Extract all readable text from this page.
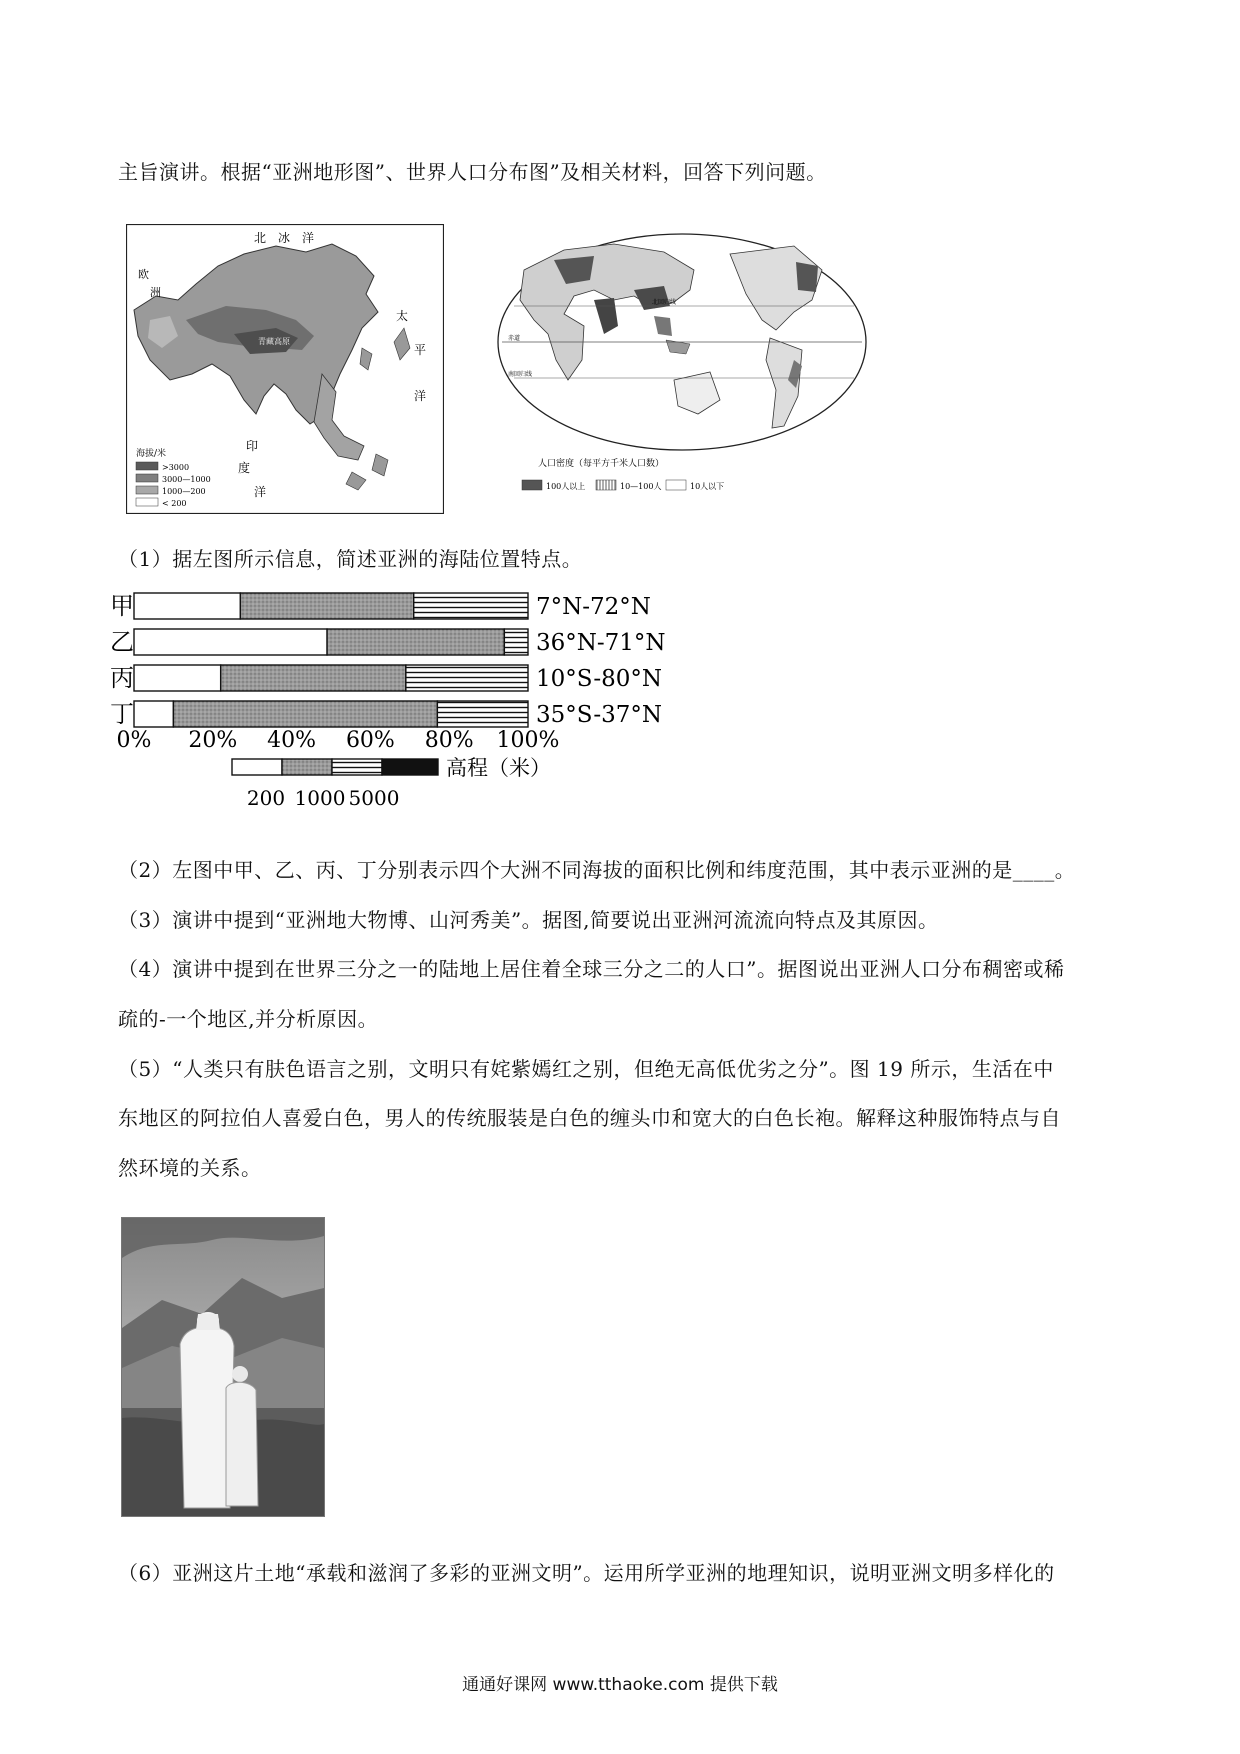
主旨演讲。根据“亚洲地形图”、世界人口分布图”及相关材料，回答下列问题。
北　冰　洋
欧
洲
太
平
洋
印
度
洋
青藏高原
海拔/米
>3000
3000—1000
1000—200
< 200
北回归线
赤道
南回归线
人口密度（每平方千米人口数）
100人以上	10—100人	10人以下
（1）据左图所示信息，简述亚洲的海陆位置特点。
甲	7°N-72°N
乙	36°N-71°N
丙	10°S-80°N
丁	35°S-37°N
0% 20% 40% 60% 80% 100%
高程（米）
200 1000 5000
（2）左图中甲、乙、丙、丁分别表示四个大洲不同海拔的面积比例和纬度范围，其中表示亚洲的是____。
（3）演讲中提到“亚洲地大物博、山河秀美”。据图,简要说出亚洲河流流向特点及其原因。
（4）演讲中提到在世界三分之一的陆地上居住着全球三分之二的人口”。据图说出亚洲人口分布稠密或稀
疏的-一个地区,并分析原因。
（5）“人类只有肤色语言之别，文明只有姹紫嫣红之别，但绝无高低优劣之分”。图 19 所示，生活在中
东地区的阿拉伯人喜爱白色，男人的传统服装是白色的缠头巾和宽大的白色长袍。解释这种服饰特点与自
然环境的关系。
（6）亚洲这片土地“承载和滋润了多彩的亚洲文明”。运用所学亚洲的地理知识，说明亚洲文明多样化的
通通好课网 www.tthaoke.com 提供下载
